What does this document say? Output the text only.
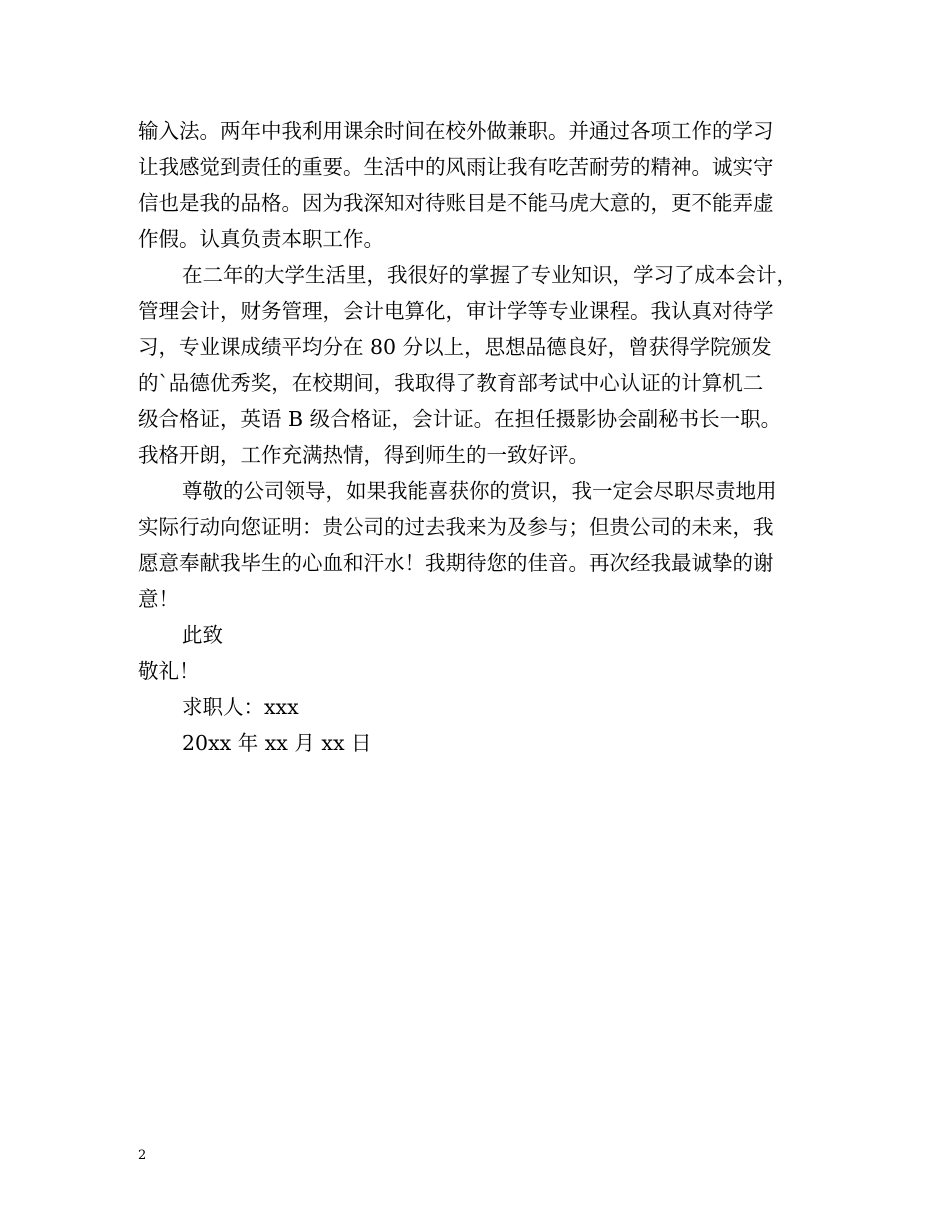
输入法。两年中我利用课余时间在校外做兼职。并通过各项工作的学习
让我感觉到责任的重要。生活中的风雨让我有吃苦耐劳的精神。诚实守
信也是我的品格。因为我深知对待账目是不能马虎大意的，更不能弄虚
作假。认真负责本职工作。
在二年的大学生活里，我很好的掌握了专业知识，学习了成本会计，
管理会计，财务管理，会计电算化，审计学等专业课程。我认真对待学
习，专业课成绩平均分在 80 分以上，思想品德良好，曾获得学院颁发
的`品德优秀奖，在校期间，我取得了教育部考试中心认证的计算机二
级合格证，英语 B 级合格证，会计证。在担任摄影协会副秘书长一职。
我格开朗，工作充满热情，得到师生的一致好评。
尊敬的公司领导，如果我能喜获你的赏识，我一定会尽职尽责地用
实际行动向您证明：贵公司的过去我来为及参与；但贵公司的未来，我
愿意奉献我毕生的心血和汗水！我期待您的佳音。再次经我最诚挚的谢
意！
此致
敬礼！
求职人：xxx
20xx 年 xx 月 xx 日
2
